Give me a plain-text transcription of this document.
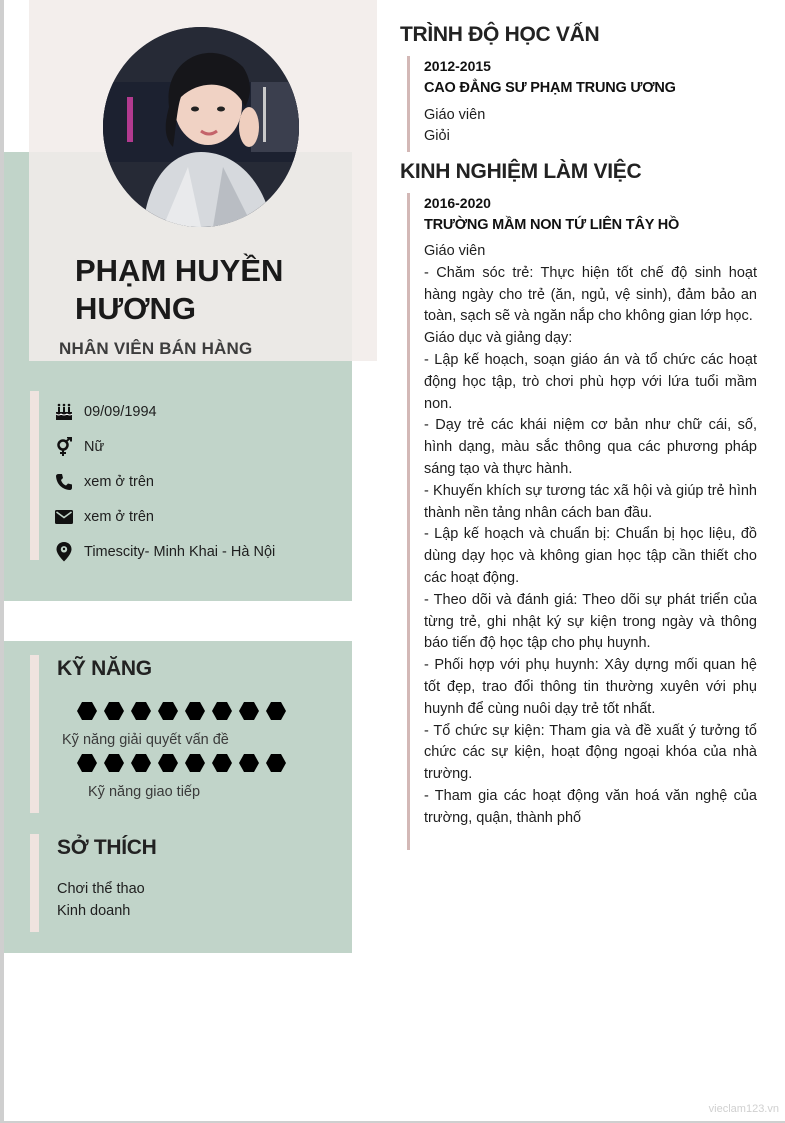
PHẠM HUYỀN HƯƠNG
NHÂN VIÊN BÁN HÀNG
09/09/1994
Nữ
xem ở trên
xem ở trên
Timescity- Minh Khai - Hà Nội
KỸ NĂNG
Kỹ năng giải quyết vấn đề
Kỹ năng giao tiếp
SỞ THÍCH
Chơi thể thao
Kinh doanh
TRÌNH ĐỘ HỌC VẤN
2012-2015
CAO ĐẲNG SƯ PHẠM TRUNG ƯƠNG
Giáo viên
Giỏi
KINH NGHIỆM LÀM VIỆC
2016-2020
TRƯỜNG MẦM NON TỨ LIÊN TÂY HỒ

Giáo viên

- Chăm sóc trẻ: Thực hiện tốt chế độ sinh hoạt hàng ngày cho trẻ (ăn, ngủ, vệ sinh), đảm bảo an toàn, sạch sẽ và ngăn nắp cho không gian lớp học.

Giáo dục và giảng dạy:

- Lập kế hoạch, soạn giáo án và tổ chức các hoạt động học tập, trò chơi phù hợp với lứa tuổi mầm non.

- Dạy trẻ các khái niệm cơ bản như chữ cái, số, hình dạng, màu sắc thông qua các phương pháp sáng tạo và thực hành.

- Khuyến khích sự tương tác xã hội và giúp trẻ hình thành nền tảng nhân cách ban đầu.

- Lập kế hoạch và chuẩn bị: Chuẩn bị học liệu, đồ dùng dạy học và không gian học tập cần thiết cho các hoạt động.

- Theo dõi và đánh giá: Theo dõi sự phát triển của từng trẻ, ghi nhật ký sự kiện trong ngày và thông báo tiến độ học tập cho phụ huynh.

- Phối hợp với phụ huynh: Xây dựng mối quan hệ tốt đẹp, trao đổi thông tin thường xuyên với phụ huynh để cùng nuôi dạy trẻ tốt nhất.

- Tổ chức sự kiện: Tham gia và đề xuất ý tưởng tổ chức các sự kiện, hoạt động ngoại khóa của nhà trường.

- Tham gia các hoạt động văn hoá văn nghệ của trường, quận, thành phố

vieclam123.vn
